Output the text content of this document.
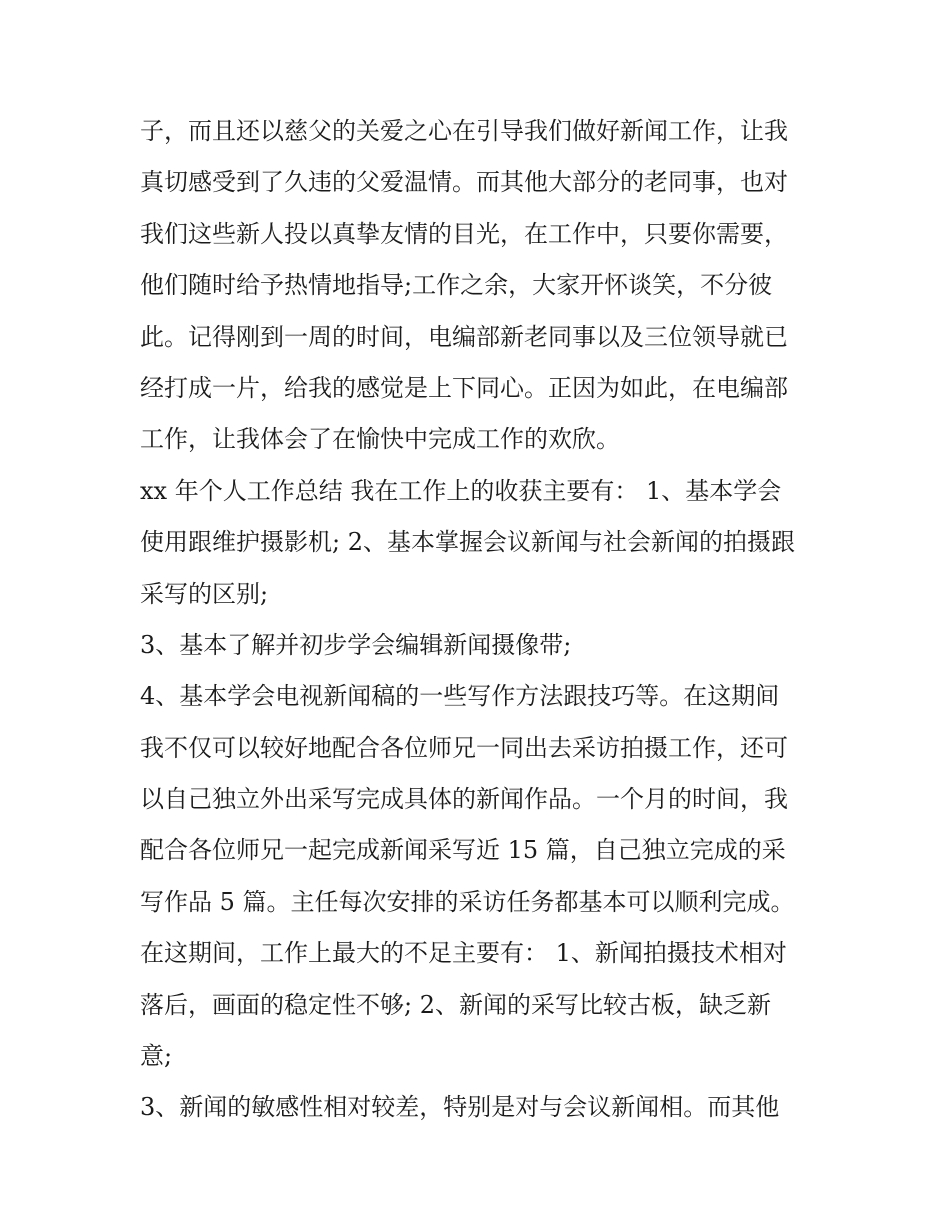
子，而且还以慈父的关爱之心在引导我们做好新闻工作，让我
真切感受到了久违的父爱温情。而其他大部分的老同事，也对
我们这些新人投以真挚友情的目光，在工作中，只要你需要，
他们随时给予热情地指导;工作之余，大家开怀谈笑，不分彼
此。记得刚到一周的时间，电编部新老同事以及三位领导就已
经打成一片，给我的感觉是上下同心。正因为如此，在电编部
工作，让我体会了在愉快中完成工作的欢欣。
xx 年个人工作总结 我在工作上的收获主要有： 1、基本学会
使用跟维护摄影机; 2、基本掌握会议新闻与社会新闻的拍摄跟
采写的区别;
3、基本了解并初步学会编辑新闻摄像带;
4、基本学会电视新闻稿的一些写作方法跟技巧等。在这期间
我不仅可以较好地配合各位师兄一同出去采访拍摄工作，还可
以自己独立外出采写完成具体的新闻作品。一个月的时间，我
配合各位师兄一起完成新闻采写近 15 篇，自己独立完成的采
写作品 5 篇。主任每次安排的采访任务都基本可以顺利完成。
在这期间，工作上最大的不足主要有： 1、新闻拍摄技术相对
落后，画面的稳定性不够; 2、新闻的采写比较古板，缺乏新
意;
3、新闻的敏感性相对较差，特别是对与会议新闻相。而其他
